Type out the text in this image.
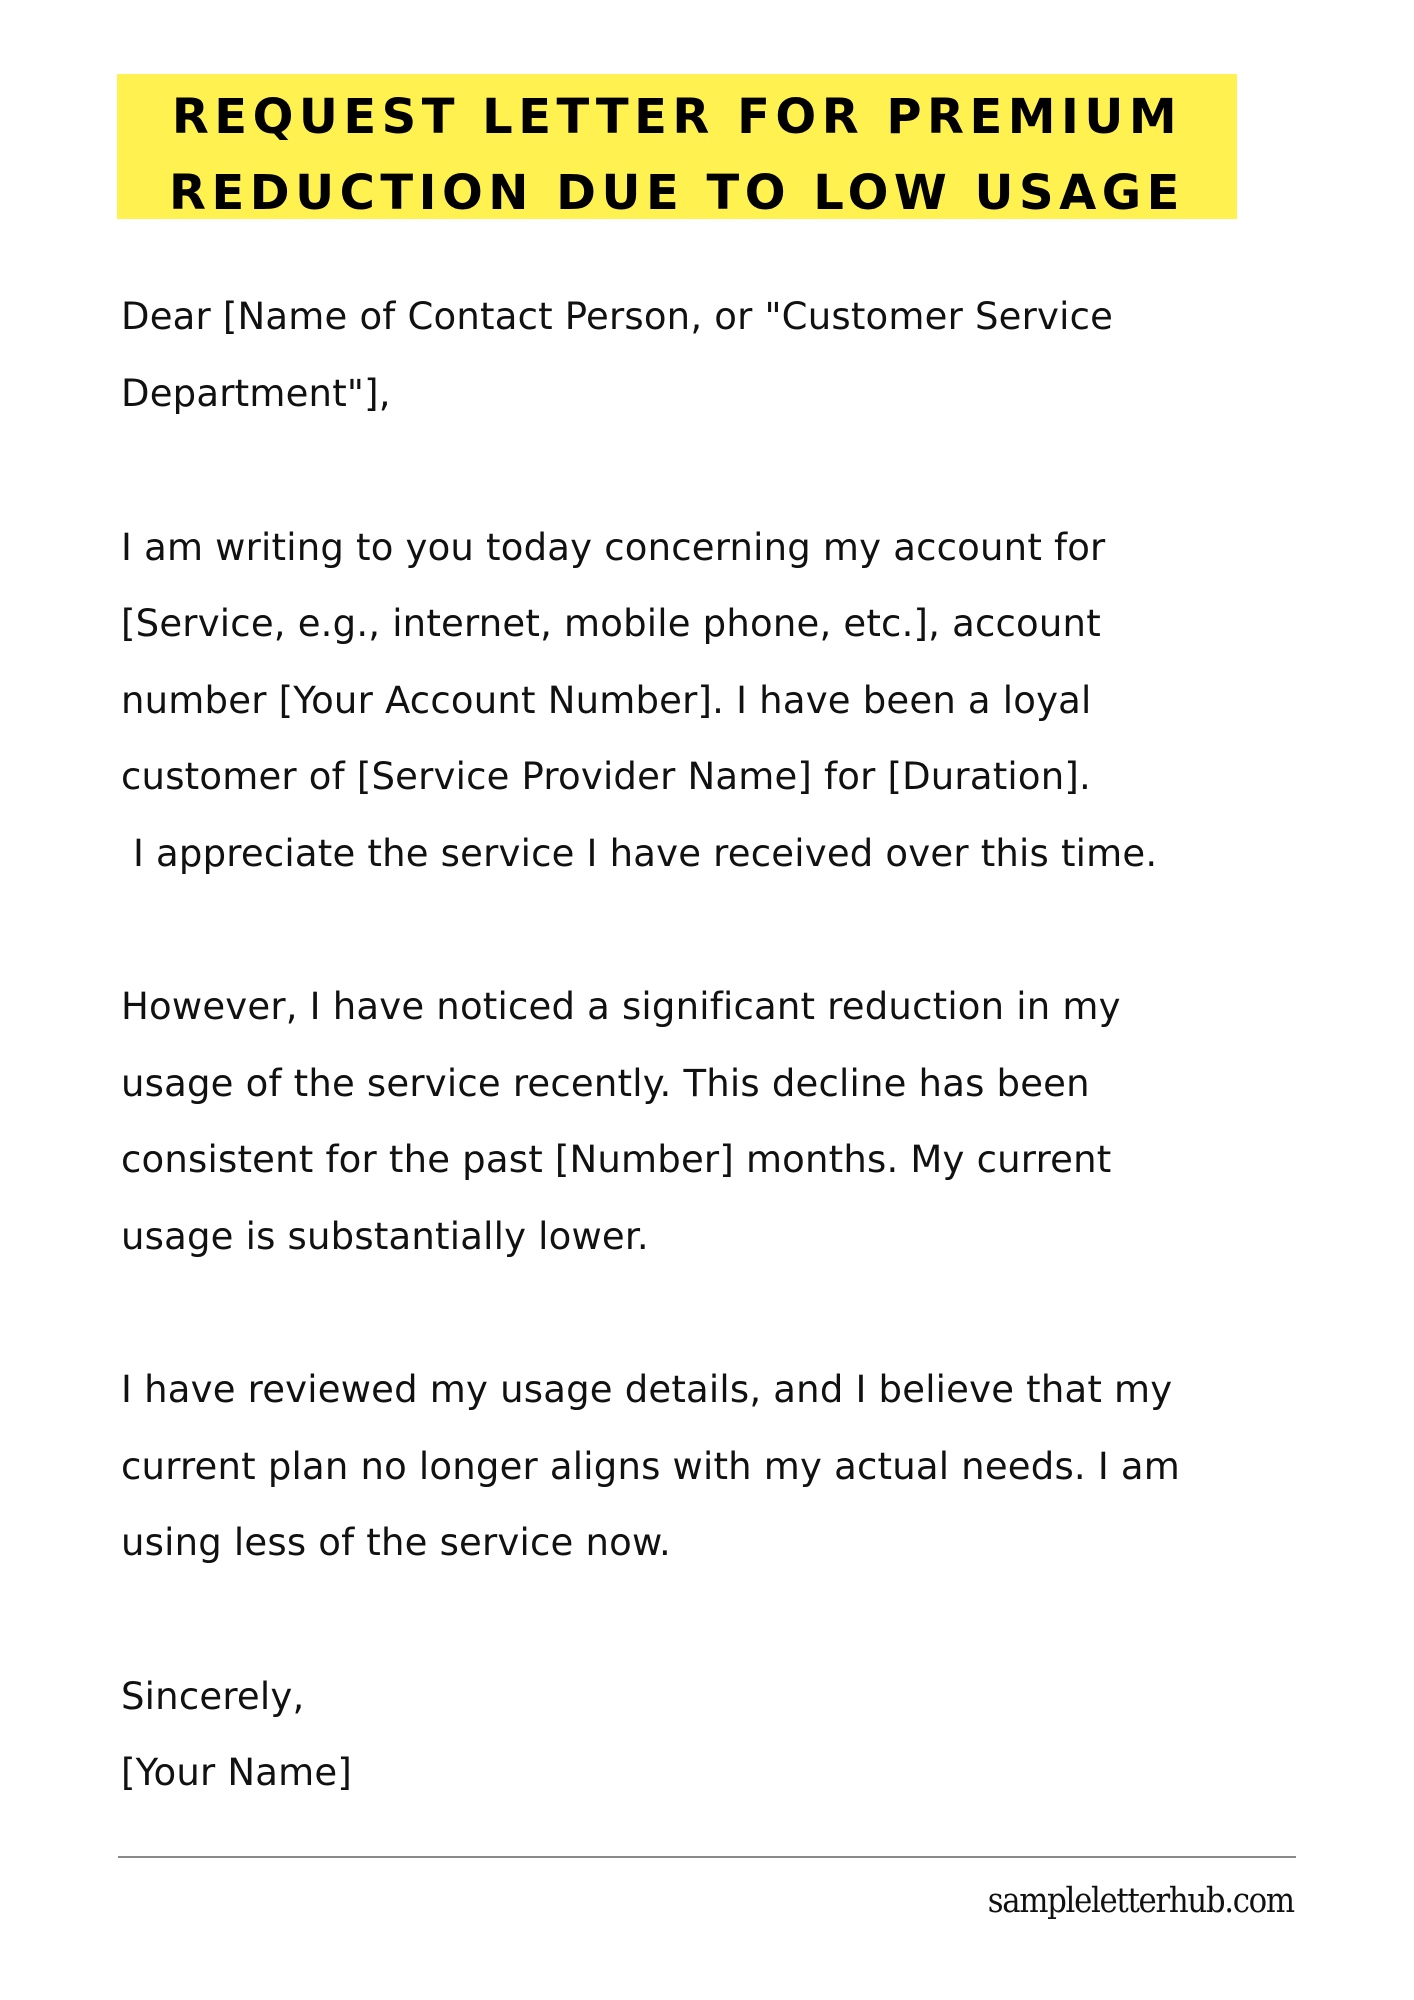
REQUEST LETTER FOR PREMIUM
REDUCTION DUE TO LOW USAGE
Dear [Name of Contact Person, or "Customer Service
Department"],
I am writing to you today concerning my account for
[Service, e.g., internet, mobile phone, etc.], account
number [Your Account Number]. I have been a loyal
customer of [Service Provider Name] for [Duration].
I appreciate the service I have received over this time.
However, I have noticed a significant reduction in my
usage of the service recently. This decline has been
consistent for the past [Number] months. My current
usage is substantially lower.
I have reviewed my usage details, and I believe that my
current plan no longer aligns with my actual needs. I am
using less of the service now.
Sincerely,
[Your Name]
sampleletterhub.com
